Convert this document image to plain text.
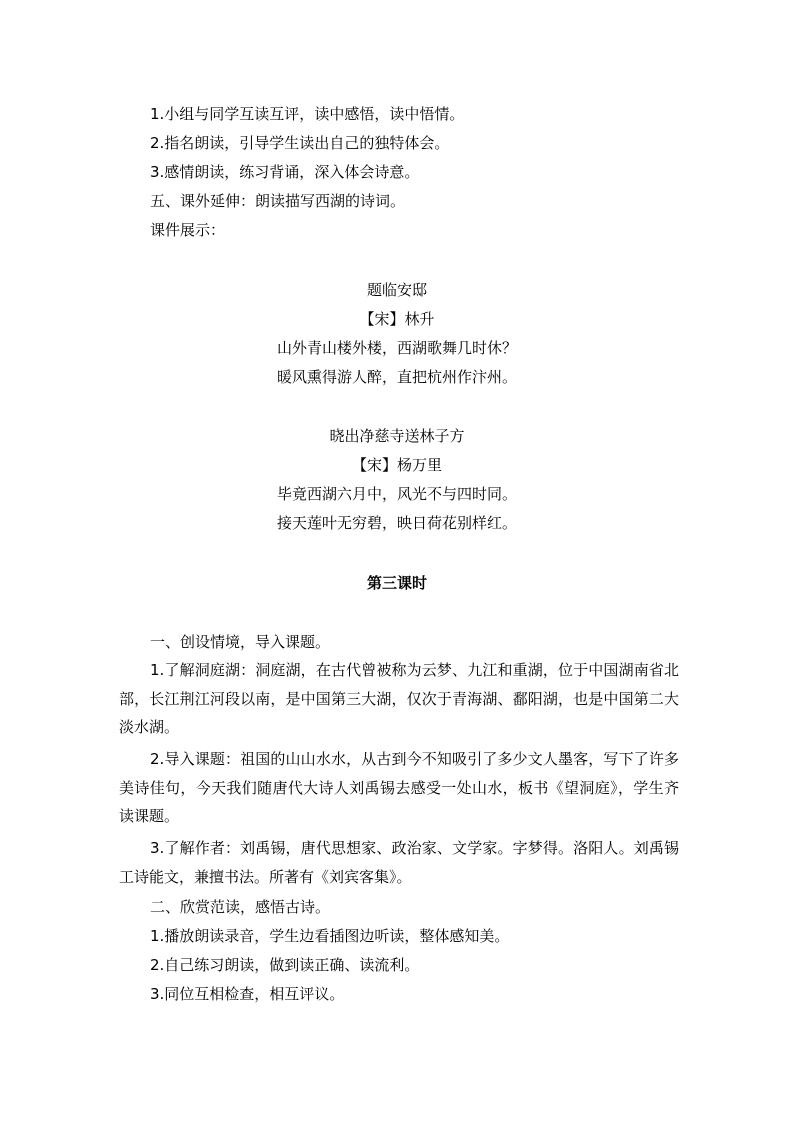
1.小组与同学互读互评，读中感悟，读中悟情。
2.指名朗读，引导学生读出自己的独特体会。
3.感情朗读，练习背诵，深入体会诗意。
五、课外延伸：朗读描写西湖的诗词。
课件展示：
题临安邸
【宋】林升
山外青山楼外楼，西湖歌舞几时休？
暖风熏得游人醉，直把杭州作汴州。
晓出净慈寺送林子方
【宋】杨万里
毕竟西湖六月中，风光不与四时同。
接天莲叶无穷碧，映日荷花别样红。
第三课时
一、创设情境，导入课题。
1.了解洞庭湖：洞庭湖，在古代曾被称为云梦、九江和重湖，位于中国湖南省北部，长江荆江河段以南，是中国第三大湖，仅次于青海湖、鄱阳湖，也是中国第二大淡水湖。
2.导入课题：祖国的山山水水，从古到今不知吸引了多少文人墨客，写下了许多美诗佳句，今天我们随唐代大诗人刘禹锡去感受一处山水，板书《望洞庭》，学生齐读课题。
3.了解作者：刘禹锡，唐代思想家、政治家、文学家。字梦得。洛阳人。刘禹锡工诗能文，兼擅书法。所著有《刘宾客集》。
二、欣赏范读，感悟古诗。
1.播放朗读录音，学生边看插图边听读，整体感知美。
2.自己练习朗读，做到读正确、读流利。
3.同位互相检查，相互评议。
